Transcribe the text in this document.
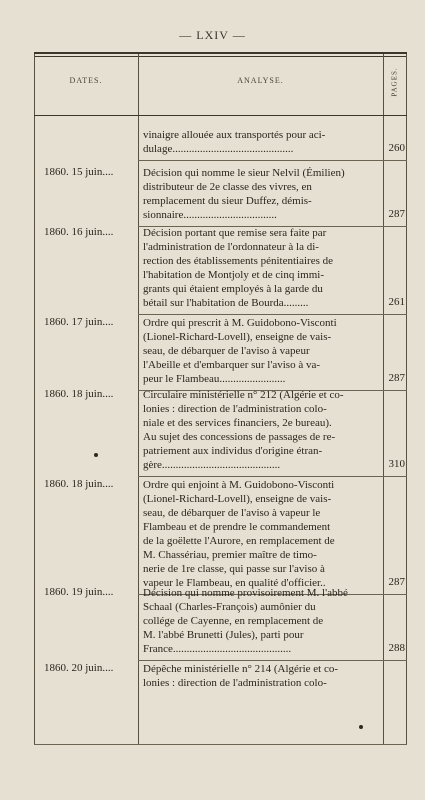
— LXIV —
DATES.	ANALYSE.	PAGES.
vinaigre allouée aux transportés pour aci-
dulage............................................	260
1860. 15 juin....	Décision qui nomme le sieur Nelvil (Émilien)
distributeur de 2e classe des vivres, en
remplacement du sieur Duffez, démis-
sionnaire..................................	287
1860. 16 juin....	Décision portant que remise sera faite par
l'administration de l'ordonnateur à la di-
rection des établissements pénitentiaires de
l'habitation de Montjoly et de cinq immi-
grants qui étaient employés à la garde du
bétail sur l'habitation de Bourda.........	261
1860. 17 juin....	Ordre qui prescrit à M. Guidobono-Visconti
(Lionel-Richard-Lovell), enseigne de vais-
seau, de débarquer de l'aviso à vapeur
l'Abeille et d'embarquer sur l'aviso à va-
peur le Flambeau........................	287
1860. 18 juin....	Circulaire ministérielle n° 212 (Algérie et co-
lonies : direction de l'administration colo-
niale et des services financiers, 2e bureau).
Au sujet des concessions de passages de re-
patriement aux individus d'origine étran-
gère...........................................	310
1860. 18 juin....	Ordre qui enjoint à M. Guidobono-Visconti
(Lionel-Richard-Lovell), enseigne de vais-
seau, de débarquer de l'aviso à vapeur le
Flambeau et de prendre le commandement
de la goëlette l'Aurore, en remplacement de
M. Chassériau, premier maître de timo-
nerie de 1re classe, qui passe sur l'aviso à
vapeur le Flambeau, en qualité d'officier..	287
1860. 19 juin....	Décision qui nomme provisoirement M. l'abbé
Schaal (Charles-François) aumônier du
collége de Cayenne, en remplacement de
M. l'abbé Brunetti (Jules), parti pour
France...........................................	288
1860. 20 juin....	Dépêche ministérielle n° 214 (Algérie et co-
lonies : direction de l'administration colo-
